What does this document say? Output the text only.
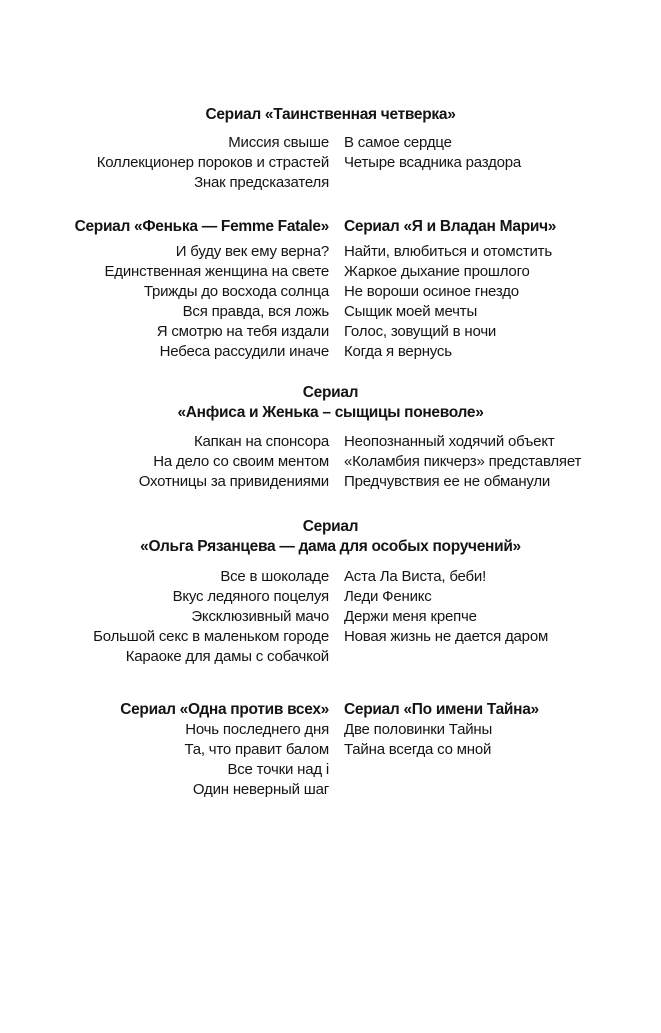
Сериал «Таинственная четверка»
Миссия свыше
Коллекционер пороков и страстей
Знак предсказателя
В самое сердце
Четыре всадника раздора
Сериал «Фенька — Femme Fatale» Сериал «Я и Владан Марич»
И буду век ему верна?
Единственная женщина на свете
Трижды до восхода солнца
Вся правда, вся ложь
Я смотрю на тебя издали
Небеса рассудили иначе
Найти, влюбиться и отомстить
Жаркое дыхание прошлого
Не вороши осиное гнездо
Сыщик моей мечты
Голос, зовущий в ночи
Когда я вернусь
Сериал
«Анфиса и Женька – сыщицы поневоле»
Капкан на спонсора
На дело со своим ментом
Охотницы за привидениями
Неопознанный ходячий объект
«Коламбия пикчерз» представляет
Предчувствия ее не обманули
Сериал
«Ольга Рязанцева — дама для особых поручений»
Все в шоколаде
Вкус ледяного поцелуя
Эксклюзивный мачо
Большой секс в маленьком городе
Караоке для дамы с собачкой
Аста Ла Виста, беби!
Леди Феникс
Держи меня крепче
Новая жизнь не дается даром
Сериал «Одна против всех» Сериал «По имени Тайна»
Ночь последнего дня
Та, что правит балом
Все точки над i
Один неверный шаг
Две половинки Тайны
Тайна всегда со мной
